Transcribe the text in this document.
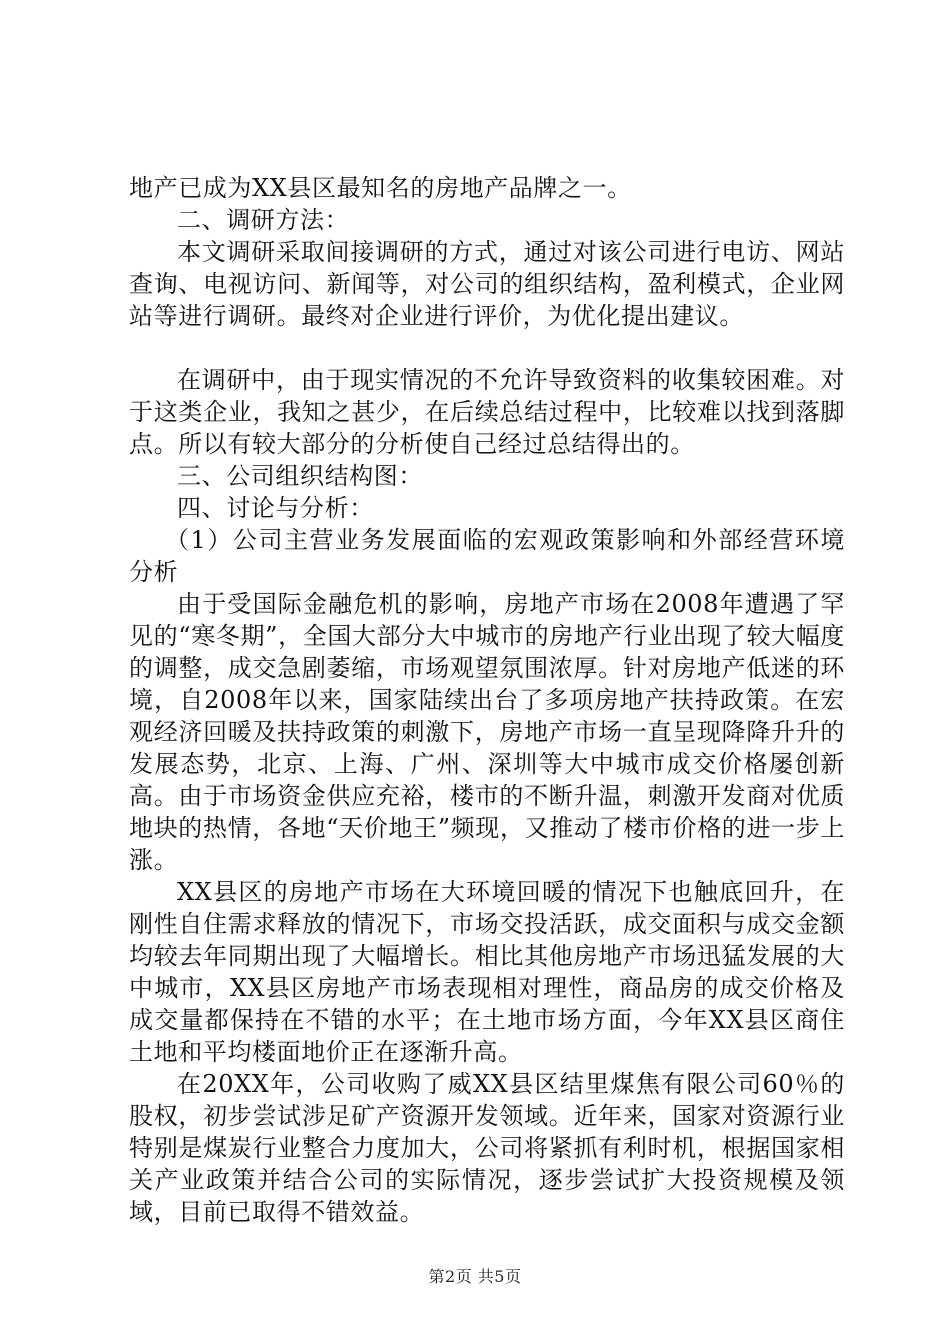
地产已成为XX县区最知名的房地产品牌之一。

二、调研方法：

本文调研采取间接调研的方式，通过对该公司进行电访、网站查询、电视访问、新闻等，对公司的组织结构，盈利模式，企业网站等进行调研。最终对企业进行评价，为优化提出建议。

在调研中，由于现实情况的不允许导致资料的收集较困难。对于这类企业，我知之甚少，在后续总结过程中，比较难以找到落脚点。所以有较大部分的分析使自己经过总结得出的。

三、公司组织结构图：

四、讨论与分析：

（1）公司主营业务发展面临的宏观政策影响和外部经营环境分析

由于受国际金融危机的影响，房地产市场在2008年遭遇了罕见的“寒冬期”，全国大部分大中城市的房地产行业出现了较大幅度的调整，成交急剧萎缩，市场观望氛围浓厚。针对房地产低迷的环境，自2008年以来，国家陆续出台了多项房地产扶持政策。在宏观经济回暖及扶持政策的刺激下，房地产市场一直呈现降降升升的发展态势，北京、上海、广州、深圳等大中城市成交价格屡创新高。由于市场资金供应充裕，楼市的不断升温，刺激开发商对优质地块的热情，各地“天价地王”频现，又推动了楼市价格的进一步上涨。

XX县区的房地产市场在大环境回暖的情况下也触底回升，在刚性自住需求释放的情况下，市场交投活跃，成交面积与成交金额均较去年同期出现了大幅增长。相比其他房地产市场迅猛发展的大中城市，XX县区房地产市场表现相对理性，商品房的成交价格及成交量都保持在不错的水平；在土地市场方面，今年XX县区商住土地和平均楼面地价正在逐渐升高。

在20XX年，公司收购了威XX县区结里煤焦有限公司60％的股权，初步尝试涉足矿产资源开发领域。近年来，国家对资源行业特别是煤炭行业整合力度加大，公司将紧抓有利时机，根据国家相关产业政策并结合公司的实际情况，逐步尝试扩大投资规模及领域，目前已取得不错效益。

第2页 共5页
